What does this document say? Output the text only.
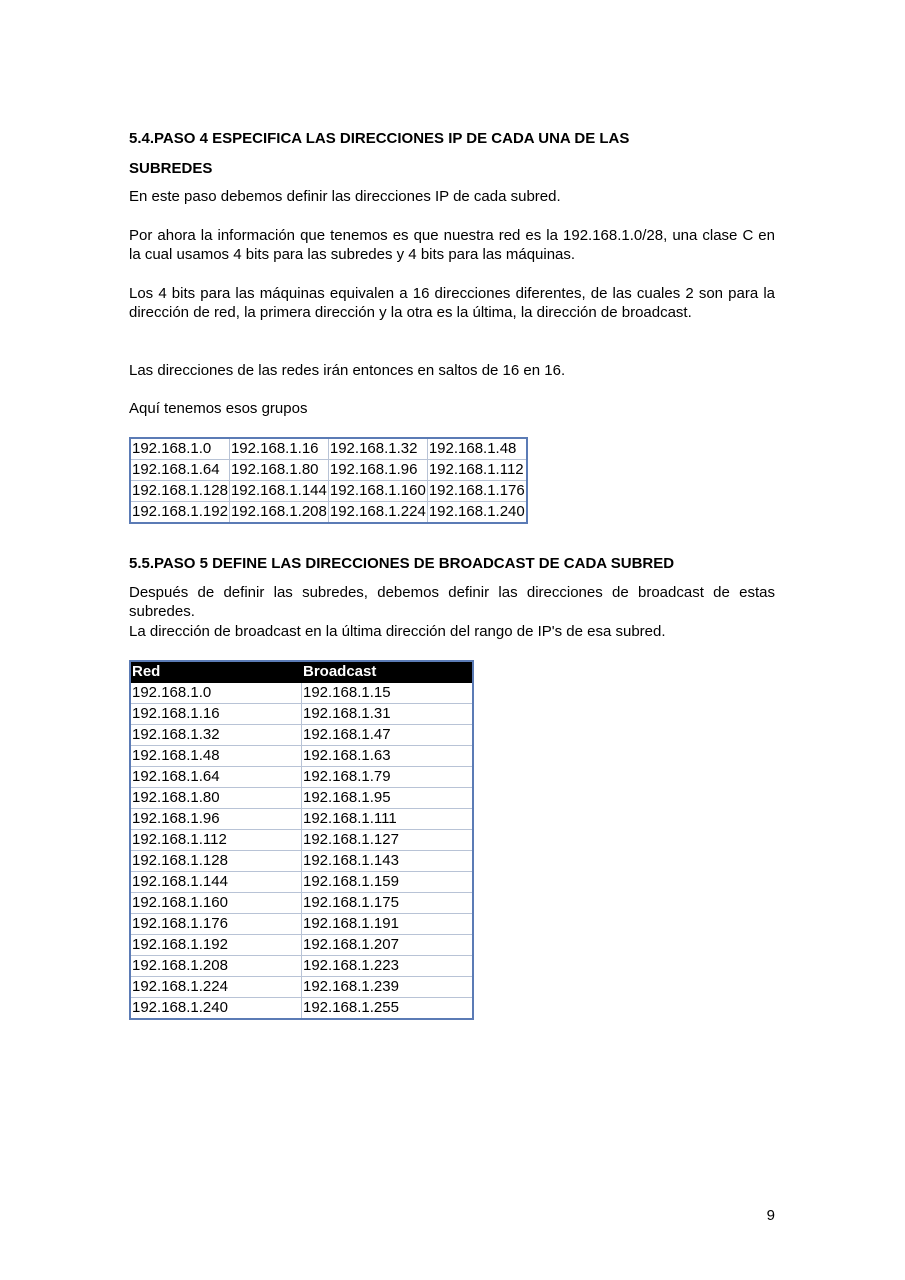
5.4.PASO 4 ESPECIFICA LAS DIRECCIONES IP DE CADA UNA DE LAS
SUBREDES

En este paso debemos definir las direcciones IP de cada subred.

Por ahora la información que tenemos es que nuestra red es la 192.168.1.0/28, una clase C en la cual usamos 4 bits para las subredes y 4 bits para las máquinas.

Los 4 bits para las máquinas equivalen a 16 direcciones diferentes, de las cuales 2 son para la dirección de red, la primera dirección y la otra es la última, la dirección de broadcast.

Las direcciones de las redes irán entonces en saltos de 16 en 16.

Aquí tenemos esos grupos

192.168.1.0	192.168.1.16	192.168.1.32	192.168.1.48
192.168.1.64	192.168.1.80	192.168.1.96	192.168.1.112
192.168.1.128	192.168.1.144	192.168.1.160	192.168.1.176
192.168.1.192	192.168.1.208	192.168.1.224	192.168.1.240
5.5.PASO 5 DEFINE LAS DIRECCIONES DE BROADCAST DE CADA SUBRED

Después de definir las subredes, debemos definir las direcciones de broadcast de estas subredes.

La dirección de broadcast en la última dirección del rango de IP's de esa subred.

Red	Broadcast
192.168.1.0	192.168.1.15
192.168.1.16	192.168.1.31
192.168.1.32	192.168.1.47
192.168.1.48	192.168.1.63
192.168.1.64	192.168.1.79
192.168.1.80	192.168.1.95
192.168.1.96	192.168.1.111
192.168.1.112	192.168.1.127
192.168.1.128	192.168.1.143
192.168.1.144	192.168.1.159
192.168.1.160	192.168.1.175
192.168.1.176	192.168.1.191
192.168.1.192	192.168.1.207
192.168.1.208	192.168.1.223
192.168.1.224	192.168.1.239
192.168.1.240	192.168.1.255
9
